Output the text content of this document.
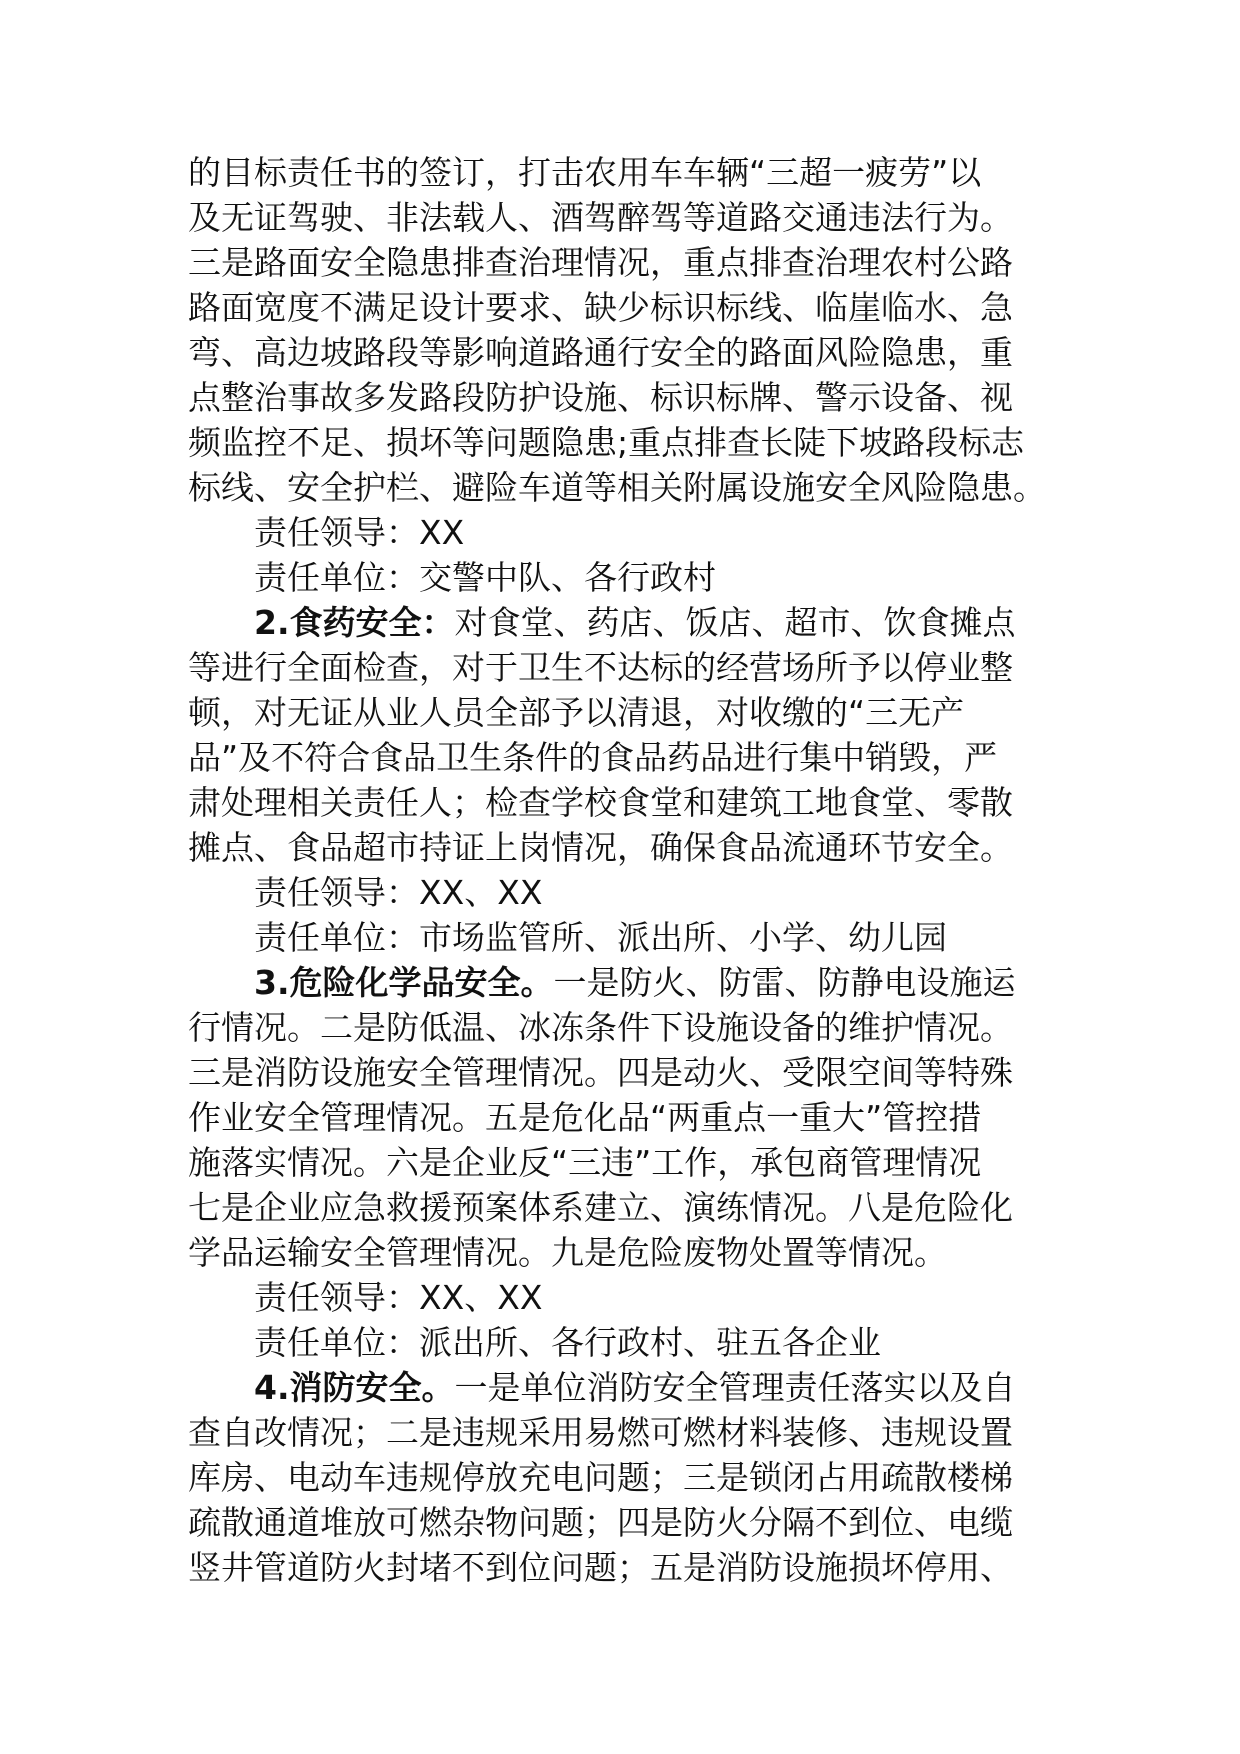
的目标责任书的签订，打击农用车车辆“三超一疲劳”以
及无证驾驶、非法载人、酒驾醉驾等道路交通违法行为。
三是路面安全隐患排查治理情况，重点排查治理农村公路
路面宽度不满足设计要求、缺少标识标线、临崖临水、急
弯、高边坡路段等影响道路通行安全的路面风险隐患，重
点整治事故多发路段防护设施、标识标牌、警示设备、视
频监控不足、损坏等问题隐患;重点排查长陡下坡路段标志
标线、安全护栏、避险车道等相关附属设施安全风险隐患。
责任领导：XX
责任单位：交警中队、各行政村
2.食药安全：对食堂、药店、饭店、超市、饮食摊点
等进行全面检查，对于卫生不达标的经营场所予以停业整
顿，对无证从业人员全部予以清退，对收缴的“三无产
品”及不符合食品卫生条件的食品药品进行集中销毁，严
肃处理相关责任人；检查学校食堂和建筑工地食堂、零散
摊点、食品超市持证上岗情况，确保食品流通环节安全。
责任领导：XX、XX
责任单位：市场监管所、派出所、小学、幼儿园
3.危险化学品安全。一是防火、防雷、防静电设施运
行情况。二是防低温、冰冻条件下设施设备的维护情况。
三是消防设施安全管理情况。四是动火、受限空间等特殊
作业安全管理情况。五是危化品“两重点一重大”管控措
施落实情况。六是企业反“三违”工作，承包商管理情况
七是企业应急救援预案体系建立、演练情况。八是危险化
学品运输安全管理情况。九是危险废物处置等情况。
责任领导：XX、XX
责任单位：派出所、各行政村、驻五各企业
4.消防安全。一是单位消防安全管理责任落实以及自
查自改情况；二是违规采用易燃可燃材料装修、违规设置
库房、电动车违规停放充电问题；三是锁闭占用疏散楼梯
疏散通道堆放可燃杂物问题；四是防火分隔不到位、电缆
竖井管道防火封堵不到位问题；五是消防设施损坏停用、
